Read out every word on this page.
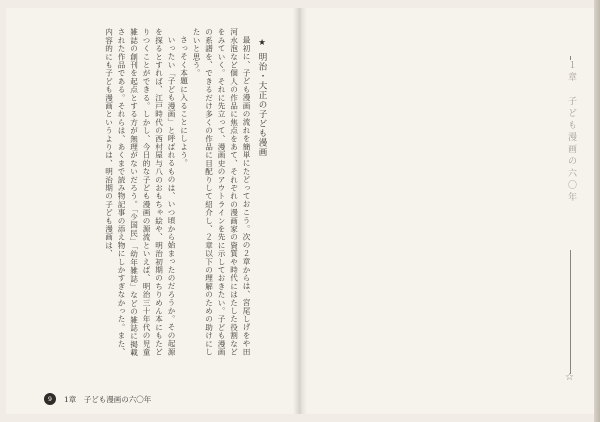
★ 明治・大正の子ども漫画

最初に、子ども漫画の流れを簡単にたどっておこう。次の２章からは、宮尾しげをや田河水泡など個人の作品に焦点をあて、それぞれの漫画家の資質や時代にはたした役割などをみていく。それに先立って、漫画史のアウトラインを先に示しておきたい。子ども漫画の系譜を、できるだけ多くの作品に目配りして紹介し、２章以下の理解のための助けにしたいと思う。

さっそく本題に入ることにしよう。

いったい「子ども漫画」と呼ばれるものは、いつ頃から始まったのだろうか。その起源を探るとすれば、江戸時代の西村屋与八のおもちゃ絵や、明治初期のちりめん本にもたどりつくことができる。しかし、今日的な子ども漫画の源流といえば、明治三十年代の児童雑誌の創刊を起点とする方が無理がないだろう。「少国民」「幼年雑誌」などの雑誌に掲載された作品である。それらは、あくまで読み物記事の添え物にしかすぎなかった。また、内容的にも子ども漫画というよりは、明治期の子ども漫画は、

9	1章　子ども漫画の六〇年
１章　子ども漫画の六〇年
☆
